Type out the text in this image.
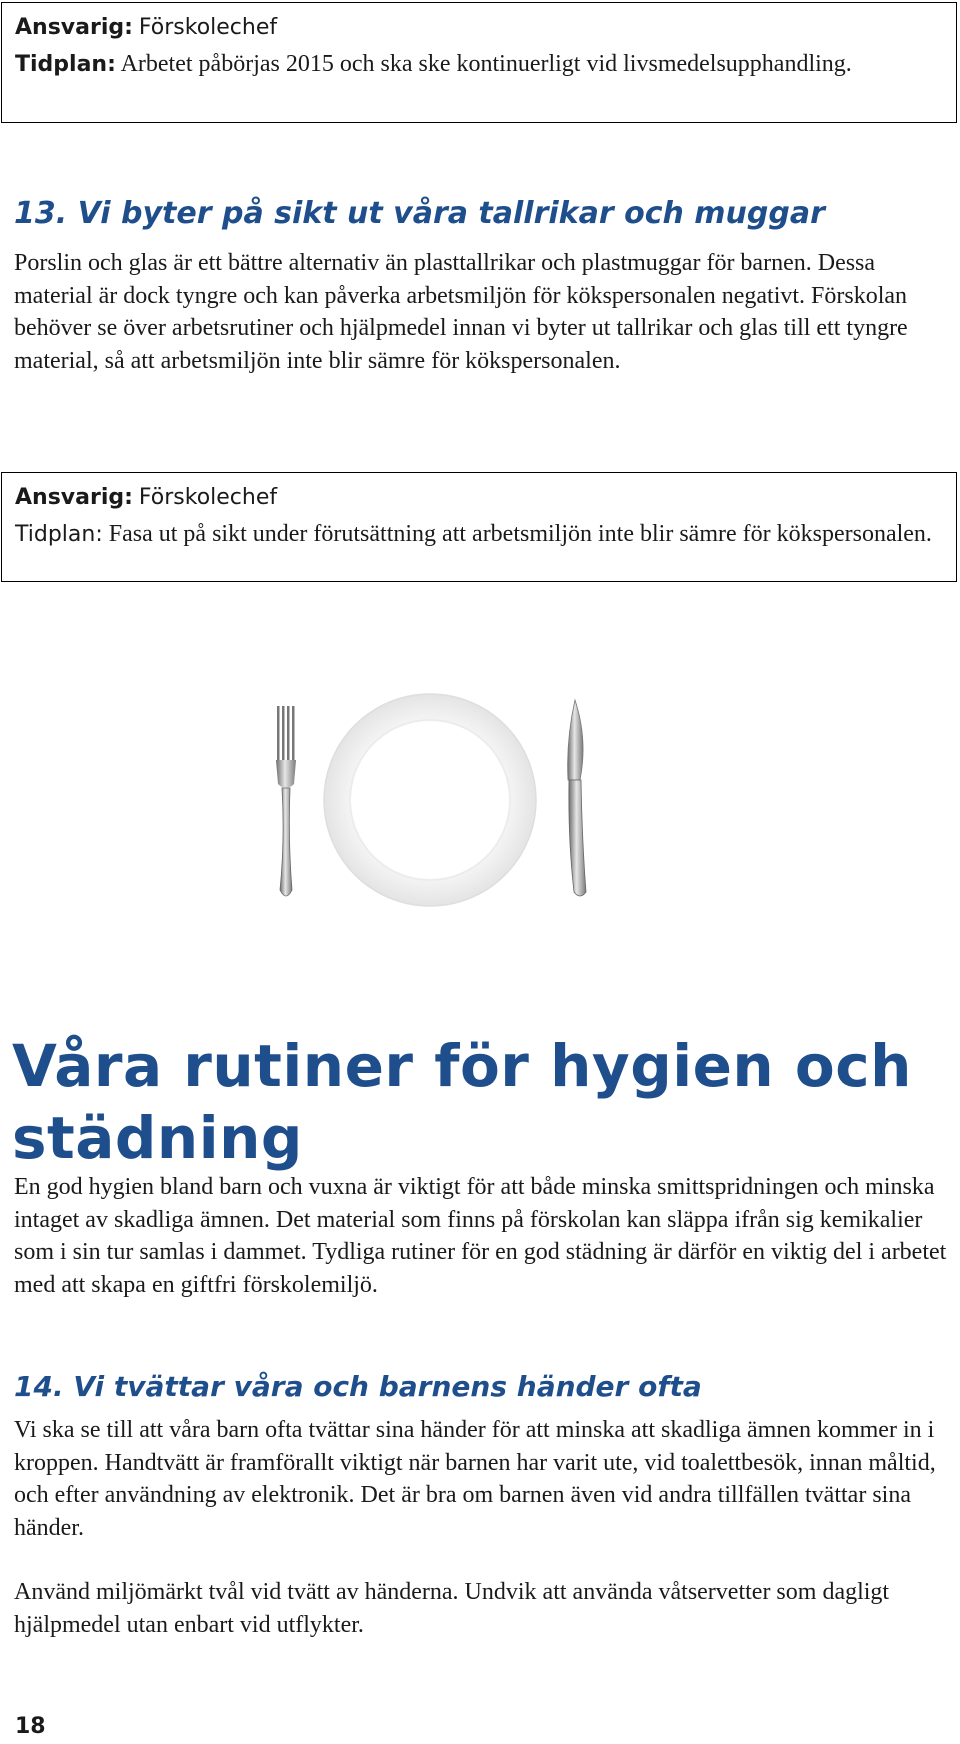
Ansvarig: Förskolechef
Tidplan: Arbetet påbörjas 2015 och ska ske kontinuerligt vid livsmedelsupphandling.
13. Vi byter på sikt ut våra tallrikar och muggar

Porslin och glas är ett bättre alternativ än plasttallrikar och plastmuggar för barnen. Dessa material är dock tyngre och kan påverka arbetsmiljön för kökspersonalen negativt. Förskolan behöver se över arbetsrutiner och hjälpmedel innan vi byter ut tallrikar och glas till ett tyngre material, så att arbetsmiljön inte blir sämre för kökspersonalen.

Ansvarig: Förskolechef
Tidplan: Fasa ut på sikt under förutsättning att arbetsmiljön inte blir sämre för kökspersonalen.
Våra rutiner för hygien och städning

En god hygien bland barn och vuxna är viktigt för att både minska smittspridningen och minska intaget av skadliga ämnen. Det material som finns på förskolan kan släppa ifrån sig kemikalier som i sin tur samlas i dammet. Tydliga rutiner för en god städning är därför en viktig del i arbetet med att skapa en giftfri förskolemiljö.

14. Vi tvättar våra och barnens händer ofta

Vi ska se till att våra barn ofta tvättar sina händer för att minska att skadliga ämnen kommer in i kroppen. Handtvätt är framförallt viktigt när barnen har varit ute, vid toalettbesök, innan måltid, och efter användning av elektronik. Det är bra om barnen även vid andra tillfällen tvättar sina händer.

Använd miljömärkt tvål vid tvätt av händerna. Undvik att använda våtservetter som dagligt hjälpmedel utan enbart vid utflykter.

18
